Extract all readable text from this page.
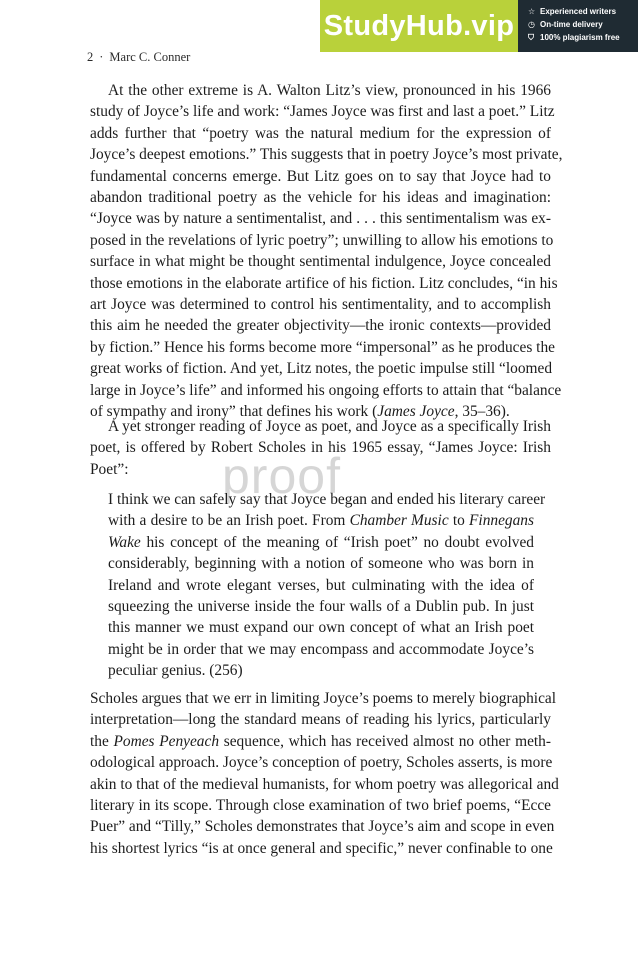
StudyHub.vip	☆ Experienced writers
◷ On-time delivery
⛉ 100% plagiarism free
2 · Marc C. Conner
proof
At the other extreme is A. Walton Litz’s view, pronounced in his 1966
study of Joyce’s life and work: “James Joyce was first and last a poet.” Litz
adds further that “poetry was the natural medium for the expression of
Joyce’s deepest emotions.” This suggests that in poetry Joyce’s most private,
fundamental concerns emerge. But Litz goes on to say that Joyce had to
abandon traditional poetry as the vehicle for his ideas and imagination:
“Joyce was by nature a sentimentalist, and . . . this sentimentalism was ex-
posed in the revelations of lyric poetry”; unwilling to allow his emotions to
surface in what might be thought sentimental indulgence, Joyce concealed
those emotions in the elaborate artifice of his fiction. Litz concludes, “in his
art Joyce was determined to control his sentimentality, and to accomplish
this aim he needed the greater objectivity—the ironic contexts—provided
by fiction.” Hence his forms become more “impersonal” as he produces the
great works of fiction. And yet, Litz notes, the poetic impulse still “loomed
large in Joyce’s life” and informed his ongoing efforts to attain that “balance
of sympathy and irony” that defines his work (James Joyce, 35–36).
A yet stronger reading of Joyce as poet, and Joyce as a specifically Irish
poet, is offered by Robert Scholes in his 1965 essay, “James Joyce: Irish
Poet”:
I think we can safely say that Joyce began and ended his literary career
with a desire to be an Irish poet. From Chamber Music to Finnegans
Wake his concept of the meaning of “Irish poet” no doubt evolved
considerably, beginning with a notion of someone who was born in
Ireland and wrote elegant verses, but culminating with the idea of
squeezing the universe inside the four walls of a Dublin pub. In just
this manner we must expand our own concept of what an Irish poet
might be in order that we may encompass and accommodate Joyce’s
peculiar genius. (256)
Scholes argues that we err in limiting Joyce’s poems to merely biographical
interpretation—long the standard means of reading his lyrics, particularly
the Pomes Penyeach sequence, which has received almost no other meth-
odological approach. Joyce’s conception of poetry, Scholes asserts, is more
akin to that of the medieval humanists, for whom poetry was allegorical and
literary in its scope. Through close examination of two brief poems, “Ecce
Puer” and “Tilly,” Scholes demonstrates that Joyce’s aim and scope in even
his shortest lyrics “is at once general and specific,” never confinable to one
